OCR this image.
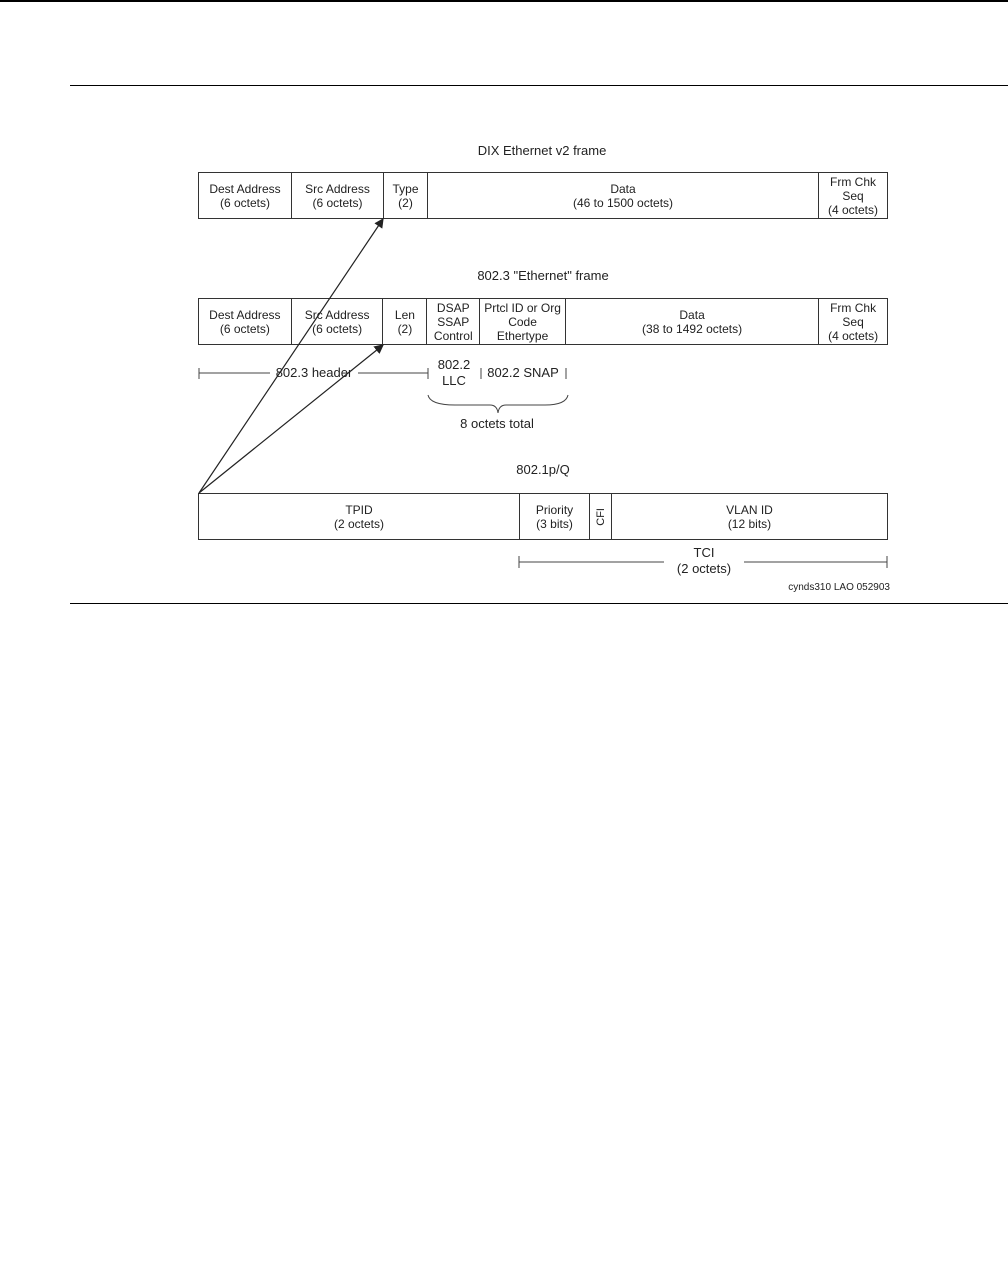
DIX Ethernet v2 frame
Dest Address
(6 octets)
Src Address
(6 octets)
Type
(2)
Data
(46 to 1500 octets)
Frm Chk
Seq
(4 octets)
802.3 "Ethernet" frame
Dest Address
(6 octets)
Src Address
(6 octets)
Len
(2)
DSAP
SSAP
Control
Prtcl ID or Org
Code
Ethertype
Data
(38 to 1492 octets)
Frm Chk
Seq
(4 octets)
802.3 header
802.2
LLC
802.2 SNAP
8 octets total
802.1p/Q
TPID
(2 octets)
Priority
(3 bits) CFI	VLAN ID
(12 bits)
TCI
(2 octets)
cynds310 LAO 052903
